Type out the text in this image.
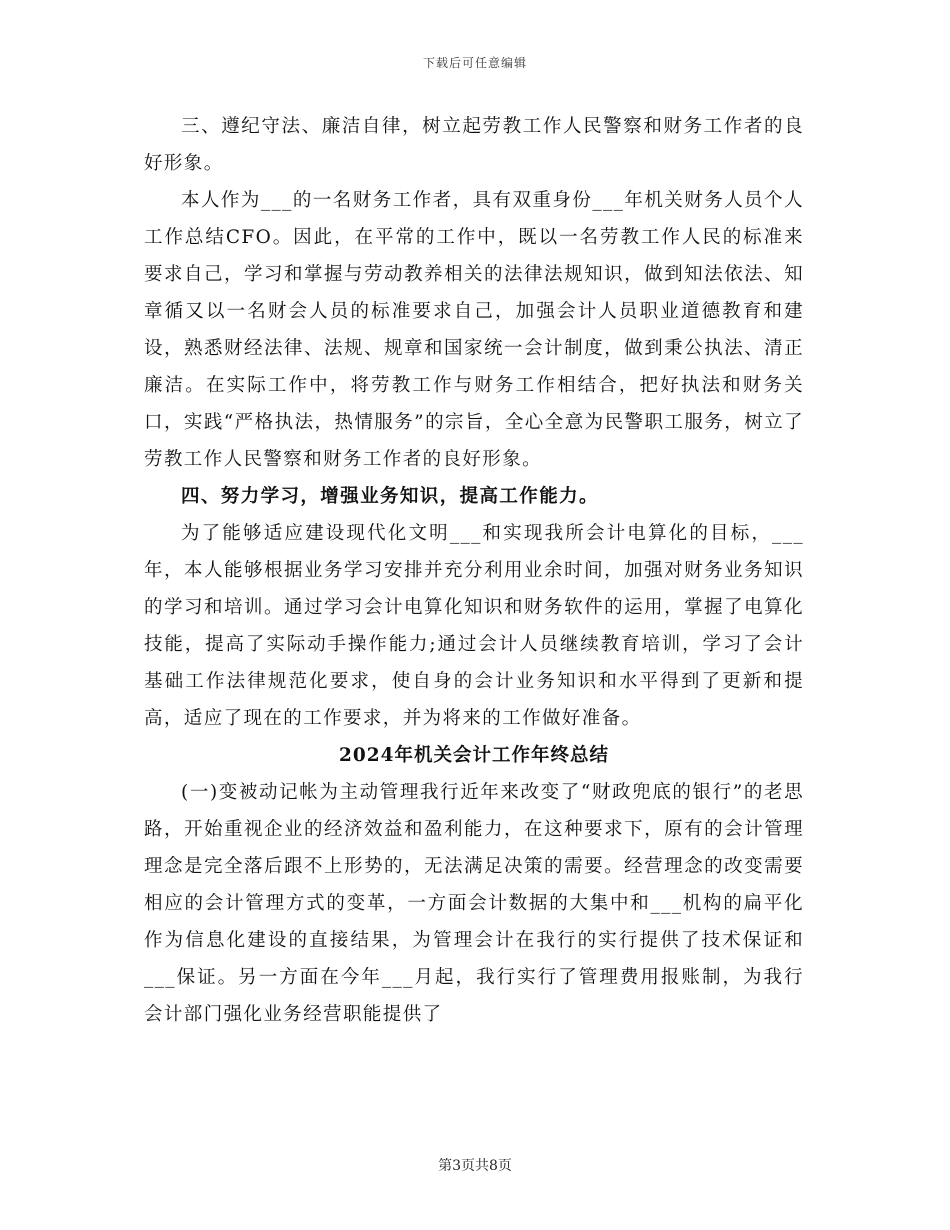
下载后可任意编辑

三、遵纪守法、廉洁自律，树立起劳教工作人民警察和财务工作者的良好形象。

本人作为___的一名财务工作者，具有双重身份___年机关财务人员个人工作总结CFO。因此，在平常的工作中，既以一名劳教工作人民的标准来要求自己，学习和掌握与劳动教养相关的法律法规知识，做到知法依法、知章循又以一名财会人员的标准要求自己，加强会计人员职业道德教育和建设，熟悉财经法律、法规、规章和国家统一会计制度，做到秉公执法、清正廉洁。在实际工作中，将劳教工作与财务工作相结合，把好执法和财务关口，实践“严格执法，热情服务”的宗旨，全心全意为民警职工服务，树立了劳教工作人民警察和财务工作者的良好形象。

四、努力学习，增强业务知识，提高工作能力。

为了能够适应建设现代化文明___和实现我所会计电算化的目标，___年，本人能够根据业务学习安排并充分利用业余时间，加强对财务业务知识的学习和培训。通过学习会计电算化知识和财务软件的运用，掌握了电算化技能，提高了实际动手操作能力;通过会计人员继续教育培训，学习了会计基础工作法律规范化要求，使自身的会计业务知识和水平得到了更新和提高，适应了现在的工作要求，并为将来的工作做好准备。

2024年机关会计工作年终总结

(一)变被动记帐为主动管理我行近年来改变了“财政兜底的银行”的老思路，开始重视企业的经济效益和盈利能力，在这种要求下，原有的会计管理理念是完全落后跟不上形势的，无法满足决策的需要。经营理念的改变需要相应的会计管理方式的变革，一方面会计数据的大集中和___机构的扁平化作为信息化建设的直接结果，为管理会计在我行的实行提供了技术保证和___保证。另一方面在今年___月起，我行实行了管理费用报账制，为我行会计部门强化业务经营职能提供了

第3页共8页
